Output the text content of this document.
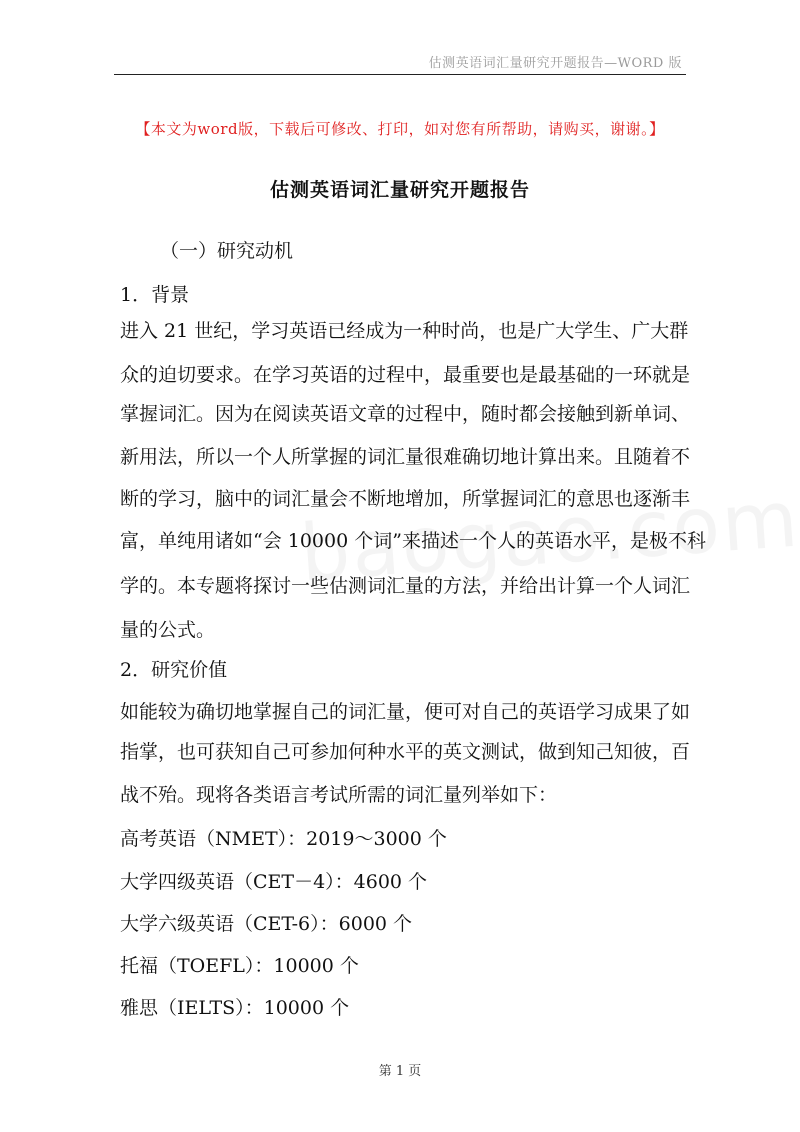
估测英语词汇量研究开题报告—WORD 版
【本文为word版，下载后可修改、打印，如对您有所帮助，请购买，谢谢。】
估测英语词汇量研究开题报告
（一）研究动机
1．背景
进入 21 世纪，学习英语已经成为一种时尚，也是广大学生、广大群
众的迫切要求。在学习英语的过程中，最重要也是最基础的一环就是
掌握词汇。因为在阅读英语文章的过程中，随时都会接触到新单词、
新用法，所以一个人所掌握的词汇量很难确切地计算出来。且随着不
断的学习，脑中的词汇量会不断地增加，所掌握词汇的意思也逐渐丰
富，单纯用诸如“会 10000 个词”来描述一个人的英语水平，是极不科
学的。本专题将探讨一些估测词汇量的方法，并给出计算一个人词汇
量的公式。
2．研究价值
如能较为确切地掌握自己的词汇量，便可对自己的英语学习成果了如
指掌，也可获知自己可参加何种水平的英文测试，做到知己知彼，百
战不殆。现将各类语言考试所需的词汇量列举如下：
高考英语（NMET）：2019～3000 个
大学四级英语（CET－4）：4600 个
大学六级英语（CET-6）：6000 个
托福（TOEFL）：10000 个
雅思（IELTS）：10000 个
第 1 页
